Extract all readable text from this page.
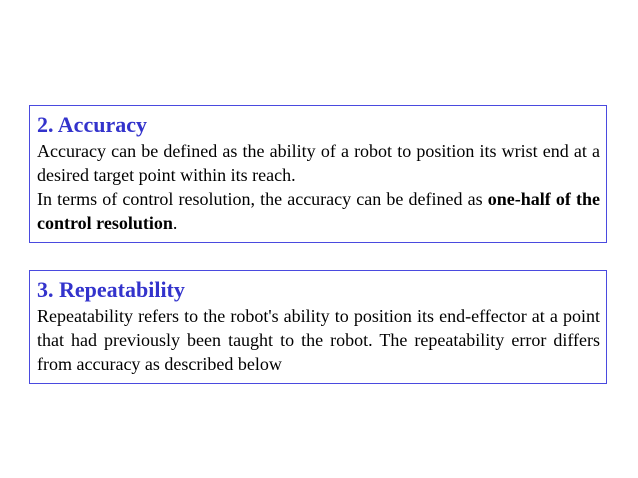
2. Accuracy

Accuracy can be defined as the ability of a robot to position its wrist end at a desired target point within its reach.

In terms of control resolution, the accuracy can be defined as one-half of the control resolution.

3. Repeatability

Repeatability refers to the robot's ability to position its end-effector at a point that had previously been taught to the robot. The repeatability error differs from accuracy as described below
